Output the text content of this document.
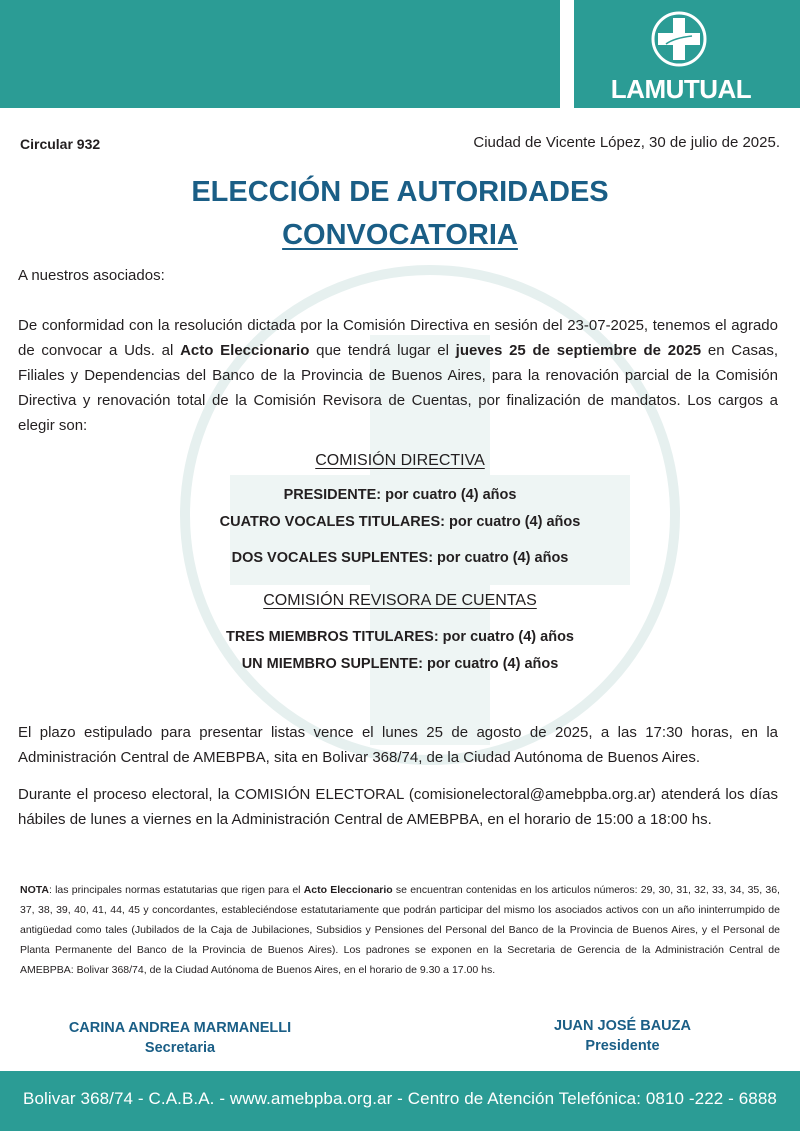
LAMUTUAL
Circular 932	Ciudad de Vicente López, 30 de julio de 2025.
ELECCIÓN DE AUTORIDADES
CONVOCATORIA
A nuestros asociados:
De conformidad con la resolución dictada por la Comisión Directiva en sesión del 23-07-2025, tenemos el agrado de convocar a Uds. al Acto Eleccionario que tendrá lugar el jueves 25 de septiembre de 2025 en Casas, Filiales y Dependencias del Banco de la Provincia de Buenos Aires, para la renovación parcial de la Comisión Directiva y renovación total de la Comisión Revisora de Cuentas, por finalización de mandatos. Los cargos a elegir son:
COMISIÓN DIRECTIVA
PRESIDENTE: por cuatro (4) años
CUATRO VOCALES TITULARES: por cuatro (4) años
DOS VOCALES SUPLENTES: por cuatro (4) años
COMISIÓN REVISORA DE CUENTAS
TRES MIEMBROS TITULARES: por cuatro (4) años
UN MIEMBRO SUPLENTE: por cuatro (4) años
El plazo estipulado para presentar listas vence el lunes 25 de agosto de 2025, a las 17:30 horas, en la Administración Central de AMEBPBA, sita en Bolivar 368/74, de la Ciudad Autónoma de Buenos Aires.
Durante el proceso electoral, la COMISIÓN ELECTORAL (comisionelectoral@amebpba.org.ar) atenderá los días hábiles de lunes a viernes en la Administración Central de AMEBPBA, en el horario de 15:00 a 18:00 hs.
NOTA: las principales normas estatutarias que rigen para el Acto Eleccionario se encuentran contenidas en los articulos números: 29, 30, 31, 32, 33, 34, 35, 36, 37, 38, 39, 40, 41, 44, 45 y concordantes, estableciéndose estatutariamente que podrán participar del mismo los asociados activos con un año ininterrumpido de antigüedad como tales (Jubilados de la Caja de Jubilaciones, Subsidios y Pensiones del Personal del Banco de la Provincia de Buenos Aires, y el Personal de Planta Permanente del Banco de la Provincia de Buenos Aires). Los padrones se exponen en la Secretaria de Gerencia de la Administración Central de AMEBPBA: Bolivar 368/74, de la Ciudad Autónoma de Buenos Aires, en el horario de 9.30 a 17.00 hs.
CARINA ANDREA MARMANELLI
Secretaria
JUAN JOSÉ BAUZA
Presidente
Bolivar 368/74 - C.A.B.A. - www.amebpba.org.ar - Centro de Atención Telefónica: 0810 -222 - 6888
